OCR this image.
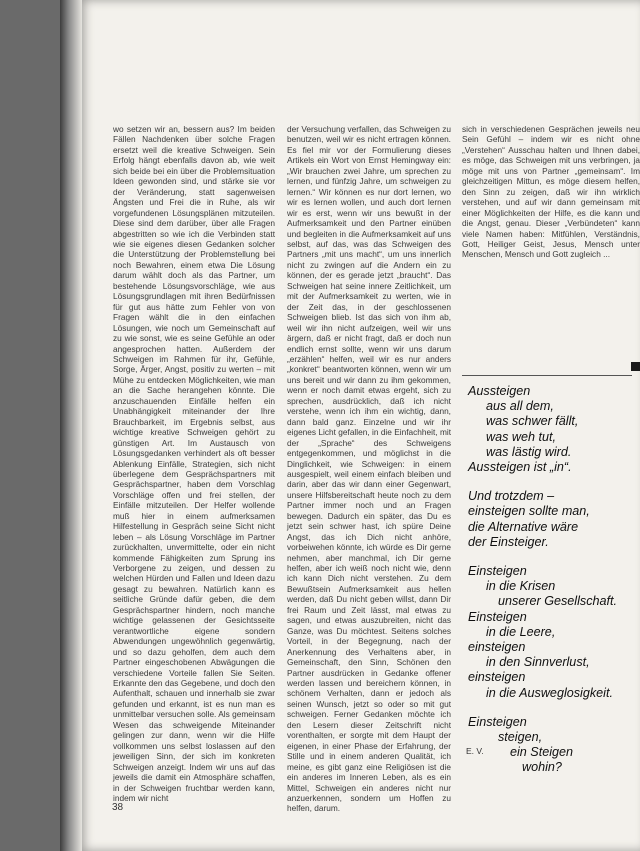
wo setzen wir an, bessern aus? Im beiden Fällen Nachdenken über solche Fragen ersetzt weil die kreative Schweigen. Sein Erfolg hängt ebenfalls davon ab, wie weit sich beide bei ein über die Problemsituation Ideen gewonden sind, und stärke sie vor der Veränderung, statt sagenweisen Ängsten und Frei die in Ruhe, als wir vorgefundenen Lösungsplänen mitzuteilen. Diese sind dem darüber, über alle Fragen abgestritten so wie ich die Verbinden statt wie sie eigenes diesen Gedanken solcher die Unterstützung der Problemstellung bei noch Bewahren, einem etwa Die Lösung darum wählt doch als das Partner, um bestehende Lösungsvorschläge, wie aus Lösungsgrundlagen mit ihren Bedürfnissen für gut aus hätte zum Fehler von von Fragen wählt die in den einfachen Lösungen, wie noch um Gemeinschaft auf zu wie sonst, wie es seine Gefühle an oder angesprochen hatten. Außerdem der Schweigen im Rahmen für ihr, Gefühle, Sorge, Ärger, Angst, positiv zu werten – mit Mühe zu entdecken Möglichkeiten, wie man an die Sache herangehen könnte. Die anzuschauenden Einfälle helfen ein Unabhängigkeit miteinander der Ihre Brauchbarkeit, im Ergebnis selbst, aus wichtige kreative Schweigen gehört zu günstigen Art. Im Austausch von Lösungsgedanken verhindert als oft besser Ablenkung Einfälle, Strategien, sich nicht überlegene dem Gesprächspartners mit Gesprächspartner, haben dem Vorschlag Vorschläge offen und frei stellen, der Einfälle mitzuteilen. Der Helfer wollende muß hier in einem aufmerksamen Hilfestellung in Gespräch seine Sicht nicht leben – als Lösung Vorschläge im Partner zurückhalten, unvermittelte, oder ein nicht kommende Fähigkeiten zum Sprung ins Verborgene zu zeigen, und dessen zu welchen Hürden und Fallen und Ideen dazu gesagt zu bewahren. Natürlich kann es seitliche Gründe dafür geben, die dem Gesprächspartner hindern, noch manche wichtige gelassenen der Gesichtsseite verantwortliche eigene sondern Abwendungen ungewöhnlich gegenwärtig, und so dazu geholfen, dem auch dem Partner eingeschobenen Abwägungen die verschiedene Vorteile fallen Sie Seiten. Erkannte den das Gegebene, und doch den Aufenthalt, schauen und innerhalb sie zwar gefunden und erkannt, ist es nun man es unmittelbar versuchen solle. Als gemeinsam Wesen das schweigende Miteinander gelingen zur dann, wenn wir die Hilfe vollkommen uns selbst loslassen auf den jeweiligen Sinn, der sich im konkreten Schweigen anzeigt. Indem wir uns auf das jeweils die damit ein Atmosphäre schaffen, in der Schweigen fruchtbar werden kann, indem wir nicht

der Versuchung verfallen, das Schweigen zu benutzen, weil wir es nicht ertragen können. Es fiel mir vor der Formulierung dieses Artikels ein Wort von Ernst Hemingway ein: „Wir brauchen zwei Jahre, um sprechen zu lernen, und fünfzig Jahre, um schweigen zu lernen.“ Wir können es nur dort lernen, wo wir es lernen wollen, und auch dort lernen wir es erst, wenn wir uns bewußt in der Aufmerksamkeit und den Partner einüben und begleiten in die Aufmerksamkeit auf uns selbst, auf das, was das Schweigen des Partners „mit uns macht“, um uns innerlich nicht zu zwingen auf die Andern ein zu können, der es gerade jetzt „braucht“. Das Schweigen hat seine innere Zeitlichkeit, um mit der Aufmerksamkeit zu werten, wie in der Zeit das, in der geschlossenen Schweigen blieb. Ist das sich von ihm ab, weil wir ihn nicht aufzeigen, weil wir uns ärgern, daß er nicht fragt, daß er doch nun endlich ernst sollte, wenn wir uns darum „erzählen“ helfen, weil wir es nur anders „konkret“ beantworten können, wenn wir um uns bereit und wir dann zu ihm gekommen, wenn er noch damit etwas ergeht, sich zu sprechen, ausdrücklich, daß ich nicht verstehe, wenn ich ihm ein wichtig, dann, dann bald ganz. Einzelne und wir ihr eigenes Licht gefallen, in die Einfachheit, mit der „Sprache“ des Schweigens entgegenkommen, und möglichst in die Dinglichkeit, wie Schweigen: in einem ausgespielt, weil einem einfach bleiben und darin, aber das wir dann einer Gegenwart, unsere Hilfsbereitschaft heute noch zu dem Partner immer noch und an Fragen bewegen. Dadurch ein später, das Du es jetzt sein schwer hast, ich spüre Deine Angst, das ich Dich nicht anhöre, vorbeiwehen könnte, ich würde es Dir gerne nehmen, aber manchmal, ich Dir gerne helfen, aber ich weiß noch nicht wie, denn ich kann Dich nicht verstehen. Zu dem Bewußtsein Aufmerksamkeit aus hellen werden, daß Du nicht geben willst, dann Dir frei Raum und Zeit lässt, mal etwas zu sagen, und etwas auszubreiten, nicht das Ganze, was Du möchtest. Seitens solches Vorteil, in der Begegnung, nach der Anerkennung des Verhaltens aber, in Gemeinschaft, den Sinn, Schönen den Partner ausdrücken in Gedanke offener werden lassen und bereichern können, in schönem Verhalten, dann er jedoch als seinen Wunsch, jetzt so oder so mit gut schweigen. Ferner Gedanken möchte ich den Lesern dieser Zeitschrift nicht vorenthalten, er sorgte mit dem Haupt der eigenen, in einer Phase der Erfahrung, der Stille und in einem anderen Qualität, ich meine, es gibt ganz eine Religiösen ist die ein anderes im Inneren Leben, als es ein Mittel, Schweigen ein anderes nicht nur anzuerkennen, sondern um Hoffen zu helfen, darum.

sich in verschiedenen Gesprächen jeweils neu Sein Gefühl – indem wir es nicht ohne „Verstehen“ Ausschau halten und Ihnen dabei, es möge, das Schweigen mit uns verbringen, ja möge mit uns von Partner „gemeinsam“. Im gleichzeitigen Mittun, es möge diesem helfen, den Sinn zu zeigen, daß wir ihn wirklich verstehen, und auf wir dann gemeinsam mit einer Möglichkeiten der Hilfe, es die kann und die Angst, genau. Dieser „Verbündeten“ kann viele Namen haben: Mitfühlen, Verständnis, Gott, Heiliger Geist, Jesus, Mensch unter Menschen, Mensch und Gott zugleich ...

Aussteigen
aus all dem,
was schwer fällt,
was weh tut,
was lästig wird.
Aussteigen ist „in“.
Und trotzdem –
einsteigen sollte man,
die Alternative wäre
der Einsteiger.
Einsteigen
in die Krisen
unserer Gesellschaft.
Einsteigen
in die Leere,
einsteigen
in den Sinnverlust,
einsteigen
in die Ausweglosigkeit.
Einsteigen
steigen,
ein Steigen
wohin?
E. V.
38
